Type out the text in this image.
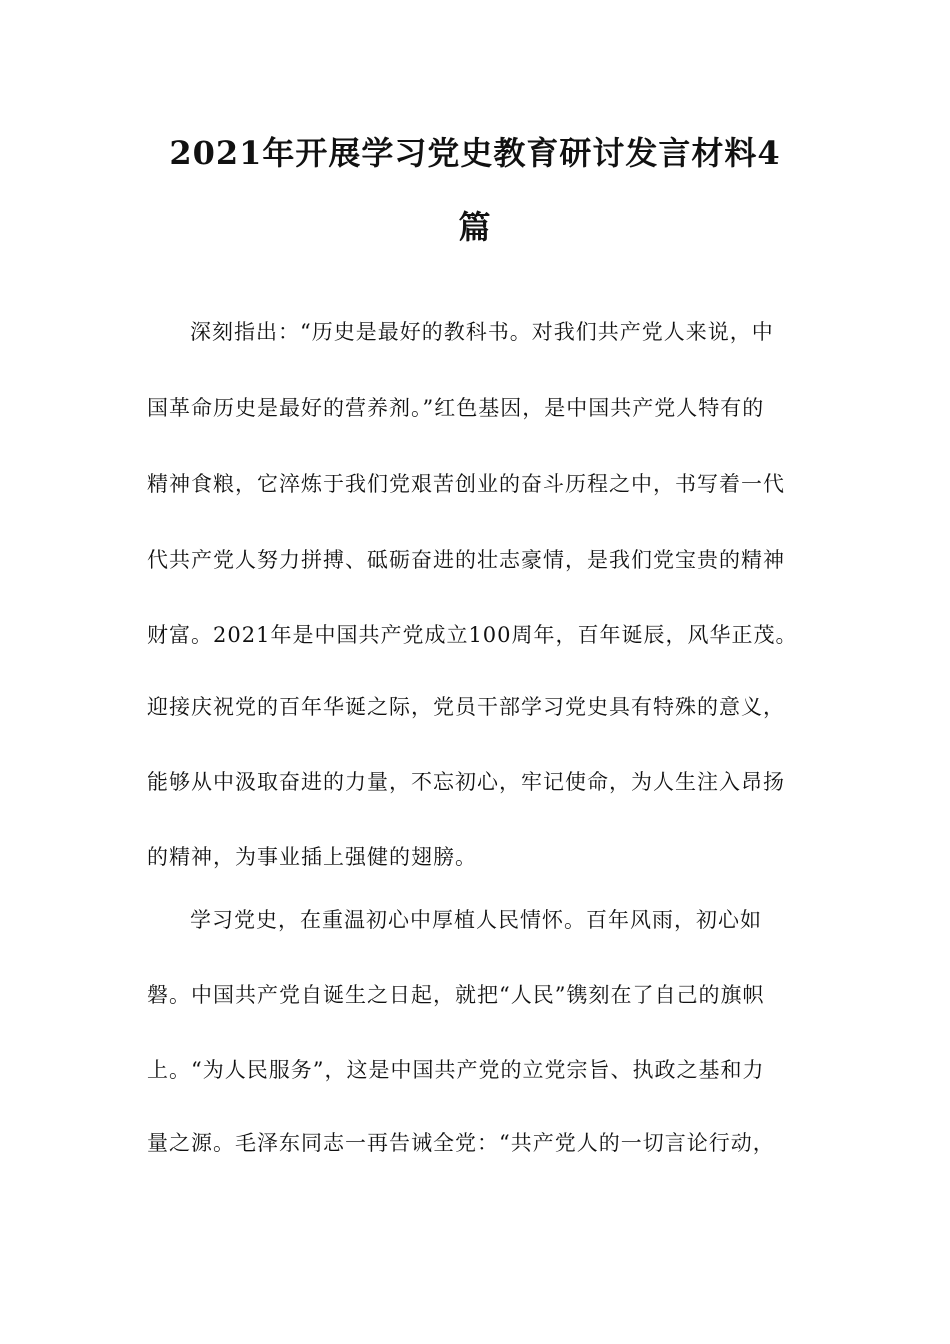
2021年开展学习党史教育研讨发言材料4
篇
深刻指出：“历史是最好的教科书。对我们共产党人来说，中
国革命历史是最好的营养剂。”红色基因，是中国共产党人特有的
精神食粮，它淬炼于我们党艰苦创业的奋斗历程之中，书写着一代
代共产党人努力拼搏、砥砺奋进的壮志豪情，是我们党宝贵的精神
财富。2021年是中国共产党成立100周年，百年诞辰，风华正茂。
迎接庆祝党的百年华诞之际，党员干部学习党史具有特殊的意义，
能够从中汲取奋进的力量，不忘初心，牢记使命，为人生注入昂扬
的精神，为事业插上强健的翅膀。
学习党史，在重温初心中厚植人民情怀。百年风雨，初心如
磐。中国共产党自诞生之日起，就把“人民”镌刻在了自己的旗帜
上。“为人民服务”，这是中国共产党的立党宗旨、执政之基和力
量之源。毛泽东同志一再告诫全党：“共产党人的一切言论行动，
